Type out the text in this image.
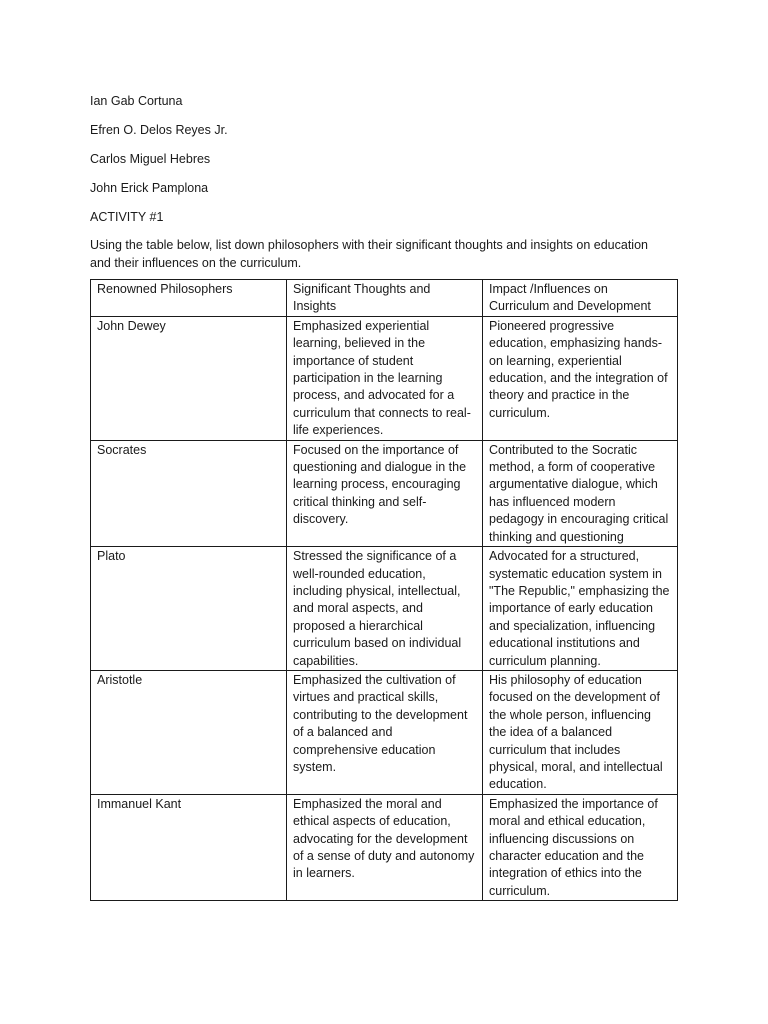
Ian Gab Cortuna
Efren O. Delos Reyes Jr.
Carlos Miguel Hebres
John Erick Pamplona
ACTIVITY #1
Using the table below, list down philosophers with their significant thoughts and insights on education and their influences on the curriculum.
Renowned Philosophers	Significant Thoughts and Insights	Impact /Influences on Curriculum and Development
John Dewey	Emphasized experiential learning, believed in the importance of student participation in the learning process, and advocated for a curriculum that connects to real-life experiences.	Pioneered progressive education, emphasizing hands-on learning, experiential education, and the integration of theory and practice in the curriculum.
Socrates	Focused on the importance of questioning and dialogue in the learning process, encouraging critical thinking and self-discovery.	Contributed to the Socratic method, a form of cooperative argumentative dialogue, which has influenced modern pedagogy in encouraging critical thinking and questioning
Plato	Stressed the significance of a well-rounded education, including physical, intellectual, and moral aspects, and proposed a hierarchical curriculum based on individual capabilities.	Advocated for a structured, systematic education system in "The Republic," emphasizing the importance of early education and specialization, influencing educational institutions and curriculum planning.
Aristotle	Emphasized the cultivation of virtues and practical skills, contributing to the development of a balanced and comprehensive education system.	His philosophy of education focused on the development of the whole person, influencing the idea of a balanced curriculum that includes physical, moral, and intellectual education.
Immanuel Kant	Emphasized the moral and ethical aspects of education, advocating for the development of a sense of duty and autonomy in learners.	Emphasized the importance of moral and ethical education, influencing discussions on character education and the integration of ethics into the curriculum.
